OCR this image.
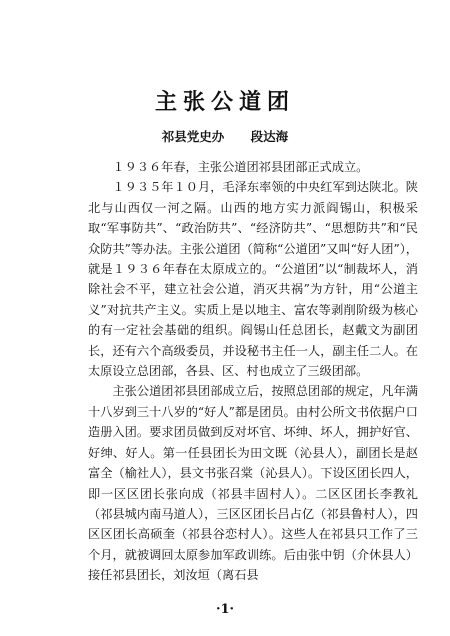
主张公道团
祁县党史办 段达海

１９３６年春，主张公道团祁县团部正式成立。

１９３５年１０月，毛泽东率领的中央红军到达陕北。陕北与山西仅一河之隔。山西的地方实力派阎锡山，积极采取“军事防共”、“政治防共”、“经济防共”、“思想防共”和“民众防共”等办法。主张公道团（简称“公道团”又叫“好人团”），就是１９３６年春在太原成立的。“公道团”以“制裁坏人，消除社会不平，建立社会公道，消灭共祸”为方针，用“公道主义”对抗共产主义。实质上是以地主、富农等剥削阶级为核心的有一定社会基础的组织。阎锡山任总团长，赵戴文为副团长，还有六个高级委员，并设秘书主任一人，副主任二人。在太原设立总团部，各县、区、村也成立了三级团部。

主张公道团祁县团部成立后，按照总团部的规定，凡年满十八岁到三十八岁的“好人”都是团员。由村公所文书依据户口造册入团。要求团员做到反对坏官、坏绅、坏人，拥护好官、好绅、好人。第一任县团长为田文既（沁县人），副团长是赵富全（榆社人），县文书张召棠（沁县人）。下设区团长四人，即一区区团长张向成（祁县丰固村人）。二区区团长李教礼（祁县城内南马道人），三区区团长吕占亿（祁县鲁村人），四区区团长高硕奎（祁县谷恋村人）。这些人在祁县只工作了三个月，就被调回太原参加军政训练。后由张中钥（介休县人）接任祁县团长，刘汝垣（离石县

·1·
